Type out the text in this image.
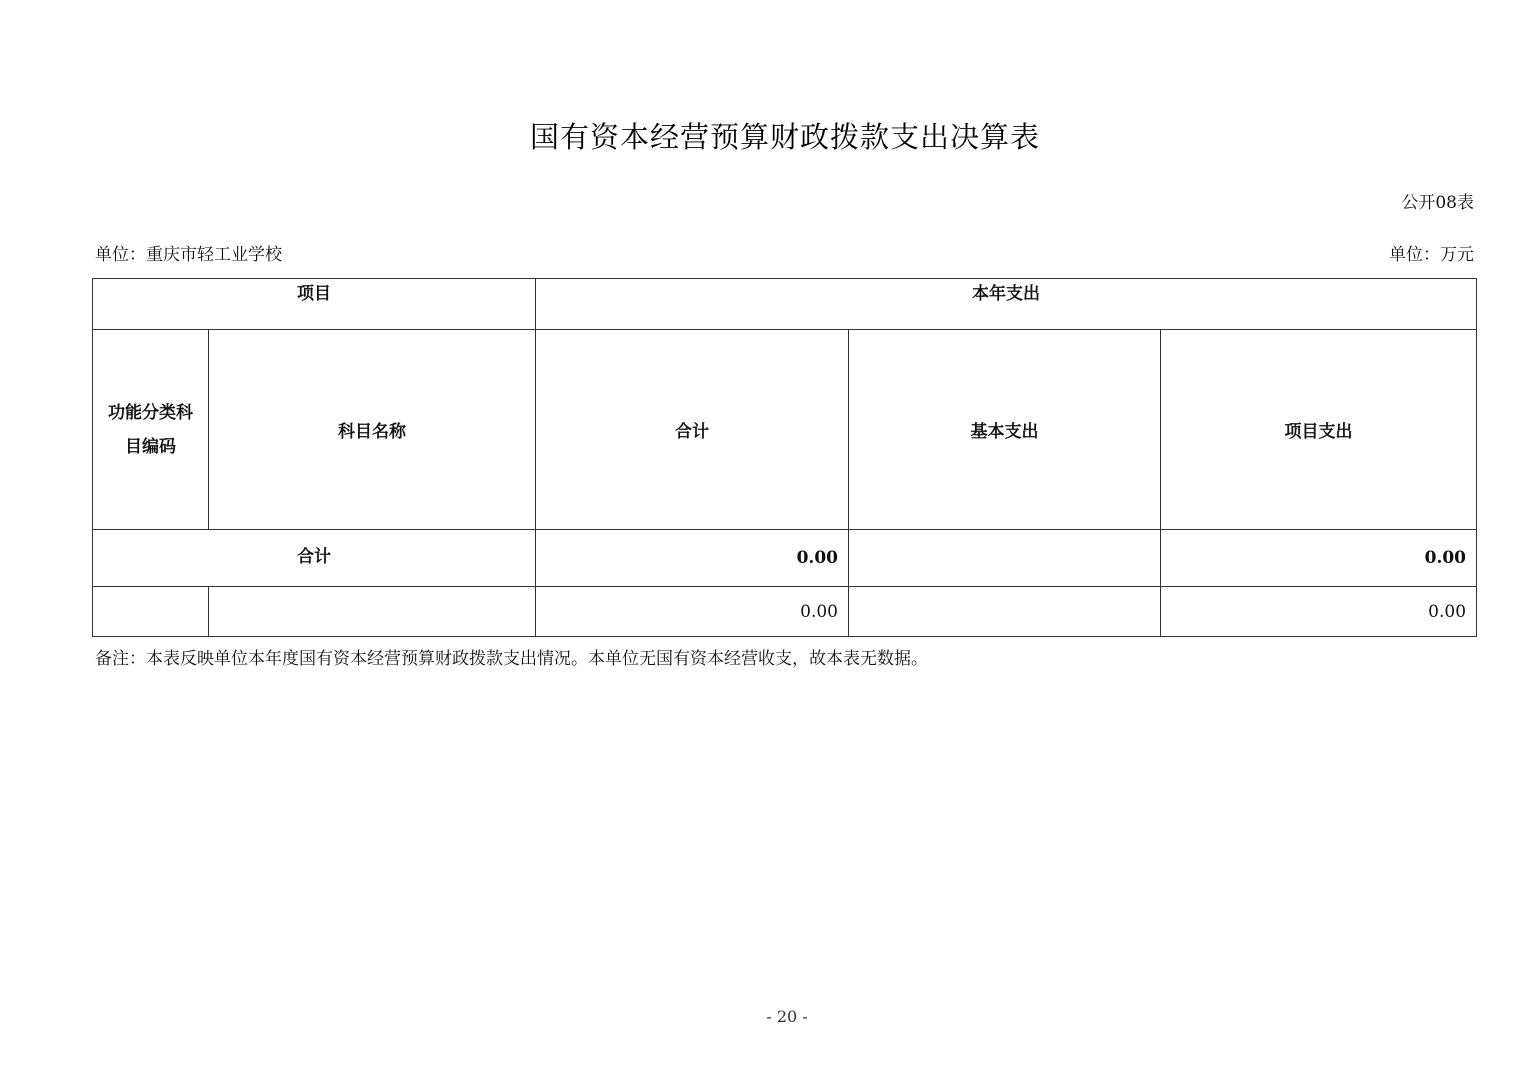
国有资本经营预算财政拨款支出决算表
公开08表
单位：重庆市轻工业学校	单位：万元
项目		本年支出		
功能分类科目编码	科目名称	合计	基本支出	项目支出
合计		0.00		0.00
		0.00		0.00
备注：本表反映单位本年度国有资本经营预算财政拨款支出情况。本单位无国有资本经营收支，故本表无数据。
- 20 -
